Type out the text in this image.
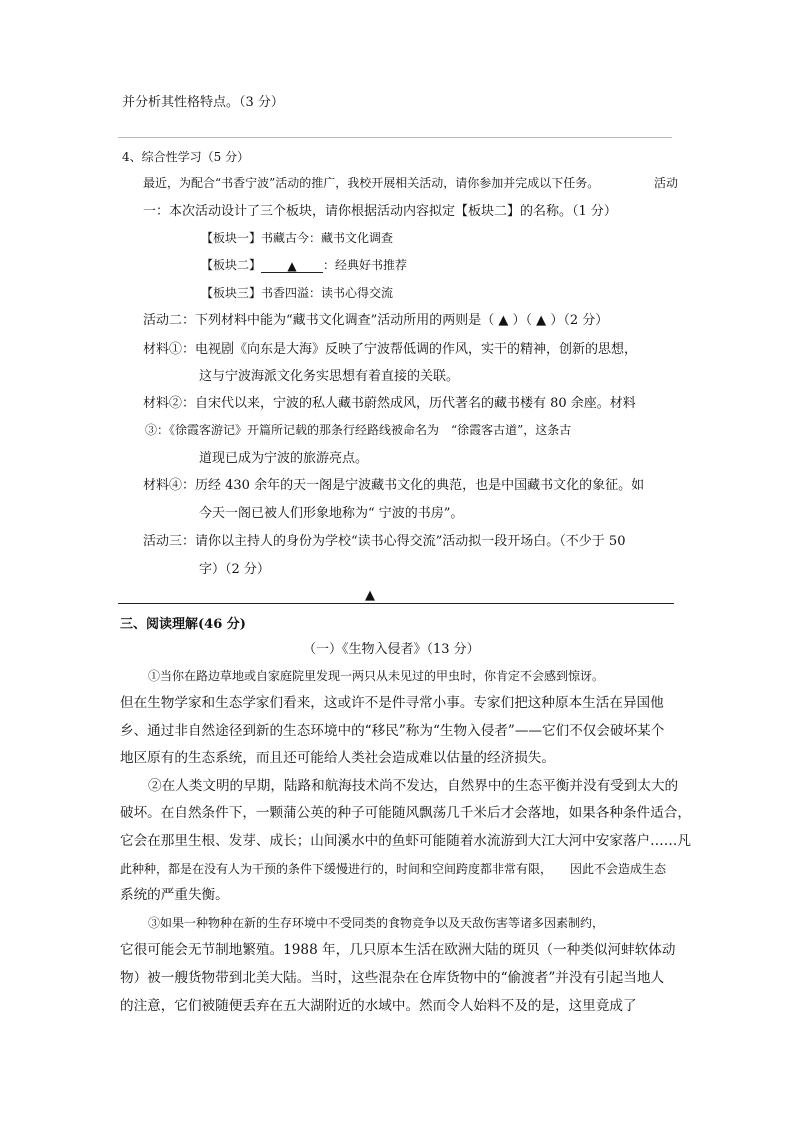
并分析其性格特点。（3 分）
4、综合性学习（5 分）
最近，为配合“书香宁波”活动的推广，我校开展相关活动，请你参加并完成以下任务。	活动
一：本次活动设计了三个板块，请你根据活动内容拟定【板块二】的名称。（1 分）
【板块一】书藏古今：藏书文化调查
【板块二】 ▲ ：经典好书推荐
【板块三】书香四溢：读书心得交流
活动二：下列材料中能为“藏书文化调查”活动所用的两则是（ ▲ ）（ ▲ ）（2 分）
材料①：电视剧《向东是大海》反映了宁波帮低调的作风，实干的精神，创新的思想，
这与宁波海派文化务实思想有着直接的关联。
材料②：自宋代以来，宁波的私人藏书蔚然成风，历代著名的藏书楼有 80 余座。材料
③：《徐霞客游记》开篇所记载的那条行经路线被命名为　“徐霞客古道”，这条古
道现已成为宁波的旅游亮点。
材料④：历经 430 余年的天一阁是宁波藏书文化的典范，也是中国藏书文化的象征。如
今天一阁已被人们形象地称为“ 宁波的书房”。
活动三：请你以主持人的身份为学校“读书心得交流”活动拟一段开场白。（不少于 50
字）（2 分）
▲
三、阅读理解(46 分)
（一）《生物入侵者》（13 分）
①当你在路边草地或自家庭院里发现一两只从未见过的甲虫时，你肯定不会感到惊讶。
但在生物学家和生态学家们看来，这或许不是件寻常小事。专家们把这种原本生活在异国他
乡、通过非自然途径到新的生态环境中的“移民”称为“生物入侵者”——它们不仅会破坏某个
地区原有的生态系统，而且还可能给人类社会造成难以估量的经济损失。
②在人类文明的早期，陆路和航海技术尚不发达，自然界中的生态平衡并没有受到太大的
破坏。在自然条件下，一颗蒲公英的种子可能随风飘荡几千米后才会落地，如果各种条件适合，
它会在那里生根、发芽、成长；山间溪水中的鱼虾可能随着水流游到大江大河中安家落户……凡
此种种，都是在没有人为干预的条件下缓慢进行的，时间和空间跨度都非常有限，　　因此不会造成生态
系统的严重失衡。
③如果一种物种在新的生存环境中不受同类的食物竞争以及天敌伤害等诸多因素制约，
它很可能会无节制地繁殖。1988 年，几只原本生活在欧洲大陆的斑贝（一种类似河蚌软体动
物）被一艘货物带到北美大陆。当时，这些混杂在仓库货物中的“偷渡者”并没有引起当地人
的注意，它们被随便丢弃在五大湖附近的水域中。然而令人始料不及的是，这里竟成了
